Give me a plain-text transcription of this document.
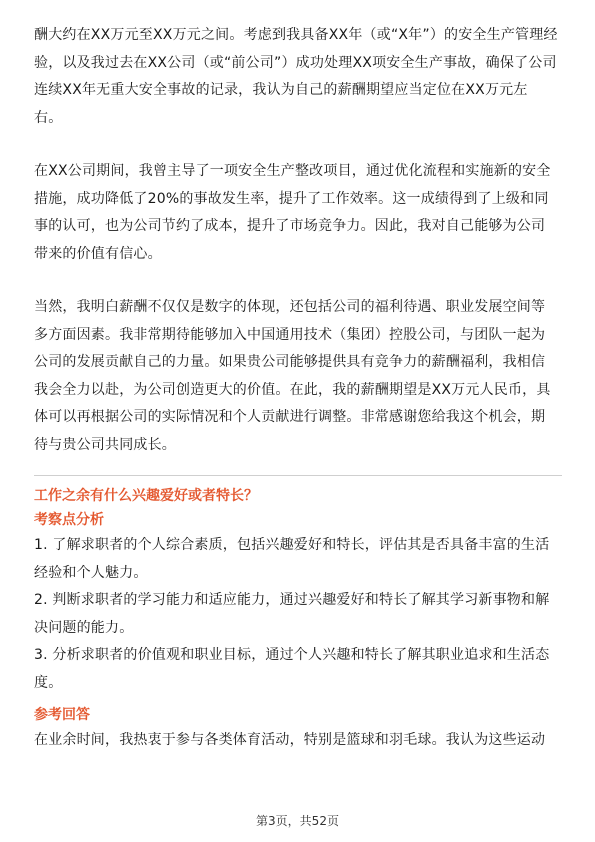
酬大约在XX万元至XX万元之间。考虑到我具备XX年（或“X年”）的安全生产管理经
验，以及我过去在XX公司（或“前公司”）成功处理XX项安全生产事故，确保了公司
连续XX年无重大安全事故的记录，我认为自己的薪酬期望应当定位在XX万元左
右。

在XX公司期间，我曾主导了一项安全生产整改项目，通过优化流程和实施新的安全
措施，成功降低了20%的事故发生率，提升了工作效率。这一成绩得到了上级和同
事的认可，也为公司节约了成本，提升了市场竞争力。因此，我对自己能够为公司
带来的价值有信心。

当然，我明白薪酬不仅仅是数字的体现，还包括公司的福利待遇、职业发展空间等
多方面因素。我非常期待能够加入中国通用技术（集团）控股公司，与团队一起为
公司的发展贡献自己的力量。如果贵公司能够提供具有竞争力的薪酬福利，我相信
我会全力以赴，为公司创造更大的价值。在此，我的薪酬期望是XX万元人民币，具
体可以再根据公司的实际情况和个人贡献进行调整。非常感谢您给我这个机会，期
待与贵公司共同成长。

工作之余有什么兴趣爱好或者特长？

考察点分析

1. 了解求职者的个人综合素质，包括兴趣爱好和特长，评估其是否具备丰富的生活
经验和个人魅力。

2. 判断求职者的学习能力和适应能力，通过兴趣爱好和特长了解其学习新事物和解
决问题的能力。

3. 分析求职者的价值观和职业目标，通过个人兴趣和特长了解其职业追求和生活态
度。

参考回答

在业余时间，我热衷于参与各类体育活动，特别是篮球和羽毛球。我认为这些运动

第3页，共52页
